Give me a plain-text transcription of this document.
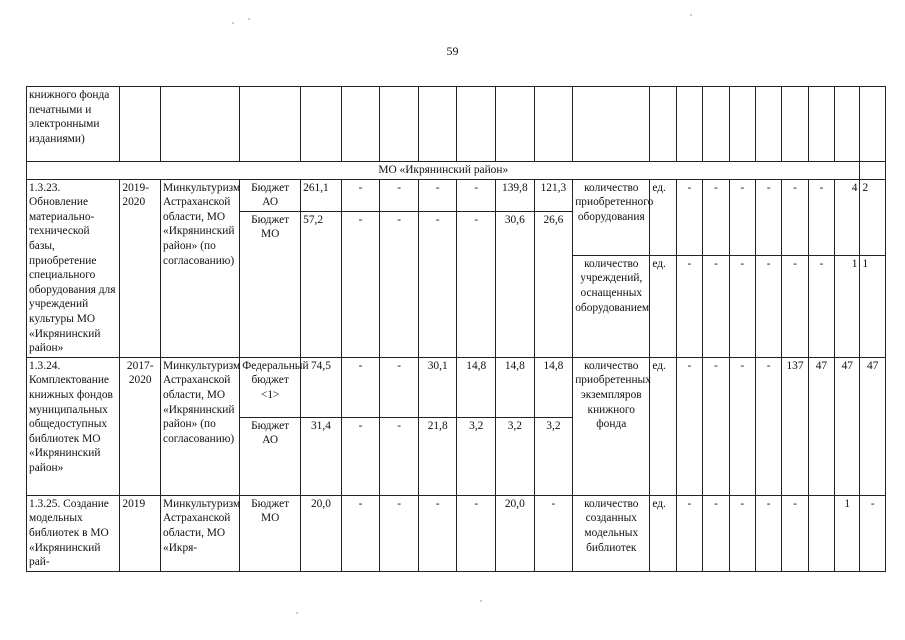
59
книжного фонда печатными и электронными изданиями)																				
МО «Икрянинский район»																				
1.3.23. Обновление материально-технической базы, приобретение специального оборудования для учреждений культуры МО «Икрянинский район»	2019-2020	Минкультуризм Астраханской области, МО «Икрянинский район» (по согласованию)	Бюджет АО	261,1	-	-	-	-	139,8	121,3	количество приобретенного оборудования	ед.	-	-	-	-	-	-	4	2
			Бюджет МО	57,2	-	-	-	-	30,6	26,6										
											количество учреждений, оснащенных оборудованием	ед.	-	-	-	-	-	-	1	1
1.3.24. Комплектование книжных фондов муниципальных общедоступных библиотек МО «Икрянинский район»	2017-2020	Минкультуризм Астраханской области, МО «Икрянинский район» (по согласованию)	Федеральный бюджет <1>	74,5	-	-	30,1	14,8	14,8	14,8	количество приобретенных экземпляров книжного фонда	ед.	-	-	-	-	137	47	47	47
			Бюджет АО	31,4	-	-	21,8	3,2	3,2	3,2										
1.3.25. Создание модельных библиотек в МО «Икрянинский рай-	2019	Минкультуризм Астраханской области, МО «Икря-	Бюджет МО	20,0	-	-	-	-	20,0	-	количество созданных модельных библиотек	ед.	-	-	-	-	-		1	-
